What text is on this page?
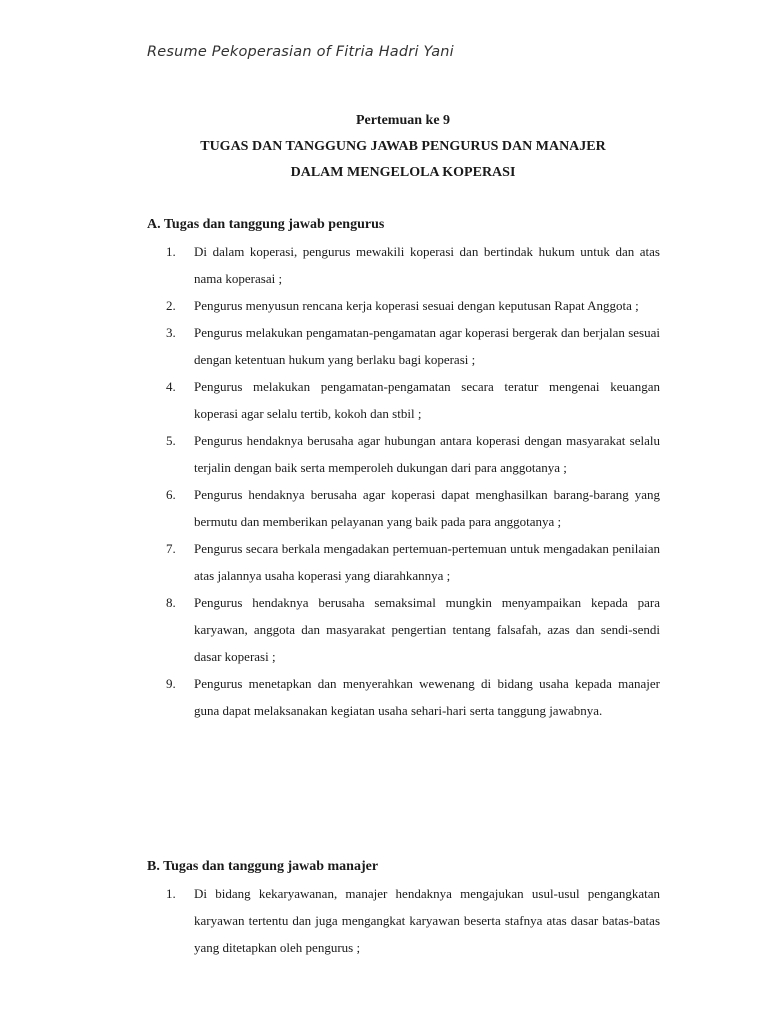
Resume Pekoperasian of Fitria Hadri Yani
Pertemuan ke 9
TUGAS DAN TANGGUNG JAWAB PENGURUS DAN MANAJER
DALAM MENGELOLA KOPERASI
A. Tugas dan tanggung jawab pengurus
1.	Di dalam koperasi, pengurus mewakili koperasi dan bertindak hukum untuk dan atas nama koperasai ;
2.	Pengurus menyusun rencana kerja koperasi sesuai dengan keputusan Rapat Anggota ;
3.	Pengurus melakukan pengamatan-pengamatan agar koperasi bergerak dan berjalan sesuai dengan ketentuan hukum yang berlaku bagi koperasi ;
4.	Pengurus melakukan pengamatan-pengamatan secara teratur mengenai keuangan koperasi agar selalu tertib, kokoh dan stbil ;
5.	Pengurus hendaknya berusaha agar hubungan antara koperasi dengan masyarakat selalu terjalin dengan baik serta memperoleh dukungan dari para anggotanya ;
6.	Pengurus hendaknya berusaha agar koperasi dapat menghasilkan barang-barang yang bermutu dan memberikan pelayanan yang baik pada para anggotanya ;
7.	Pengurus secara berkala mengadakan pertemuan-pertemuan untuk mengadakan penilaian atas jalannya usaha koperasi yang diarahkannya ;
8.	Pengurus hendaknya berusaha semaksimal mungkin menyampaikan kepada para karyawan, anggota dan masyarakat pengertian tentang falsafah, azas dan sendi-sendi dasar koperasi ;
9.	Pengurus menetapkan dan menyerahkan wewenang di bidang usaha kepada manajer guna dapat melaksanakan kegiatan usaha sehari-hari serta tanggung jawabnya.
B. Tugas dan tanggung jawab manajer
1.	Di bidang kekaryawanan, manajer hendaknya mengajukan usul-usul pengangkatan karyawan tertentu dan juga mengangkat karyawan beserta stafnya atas dasar batas-batas yang ditetapkan oleh pengurus ;
